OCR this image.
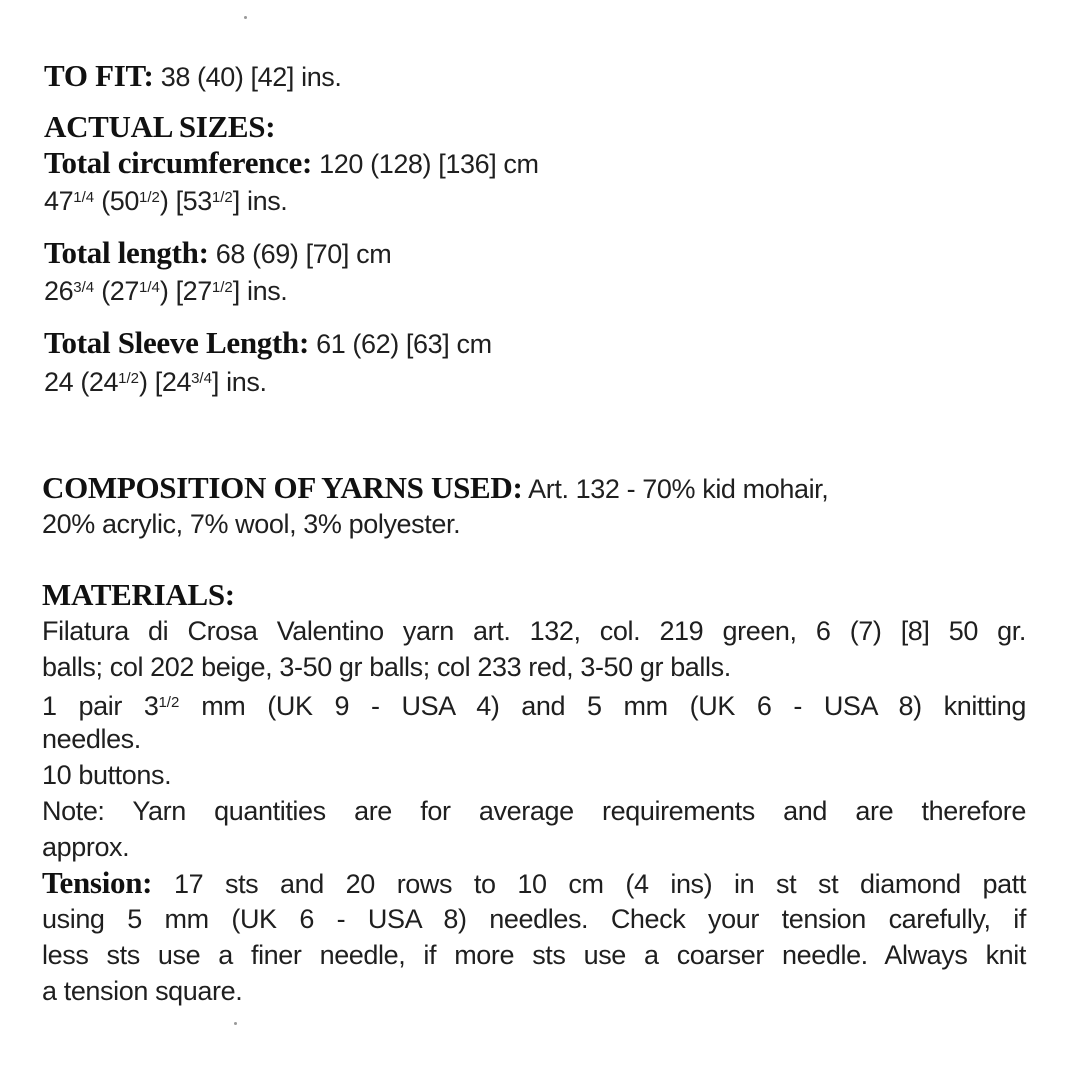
TO FIT: 38 (40) [42] ins.
ACTUAL SIZES:
Total circumference: 120 (128) [136] cm
$47^{1/4}$ $(50^{1/2})$ $[53^{1/2}]$ ins.
Total length: 68 (69) [70] cm
$26^{3/4}$ $(27^{1/4})$ $[27^{1/2}]$ ins.
Total Sleeve Length: 61 (62) [63] cm
24 $(24^{1/2})$ $[24^{3/4}]$ ins.
COMPOSITION OF YARNS USED: Art. 132 - 70% kid mohair,
20% acrylic, 7% wool, 3% polyester.
MATERIALS:
Filatura di Crosa Valentino yarn art. 132, col. 219 green, 6 (7) [8] 50 gr.
balls; col 202 beige, 3-50 gr balls; col 233 red, 3-50 gr balls.
1 pair $3^{1/2}$ mm (UK 9 - USA 4) and 5 mm (UK 6 - USA 8) knitting
needles.
10 buttons.
Note: Yarn quantities are for average requirements and are therefore
approx.
Tension: 17 sts and 20 rows to 10 cm (4 ins) in st st diamond patt
using 5 mm (UK 6 - USA 8) needles. Check your tension carefully, if
less sts use a finer needle, if more sts use a coarser needle. Always knit
a tension square.
